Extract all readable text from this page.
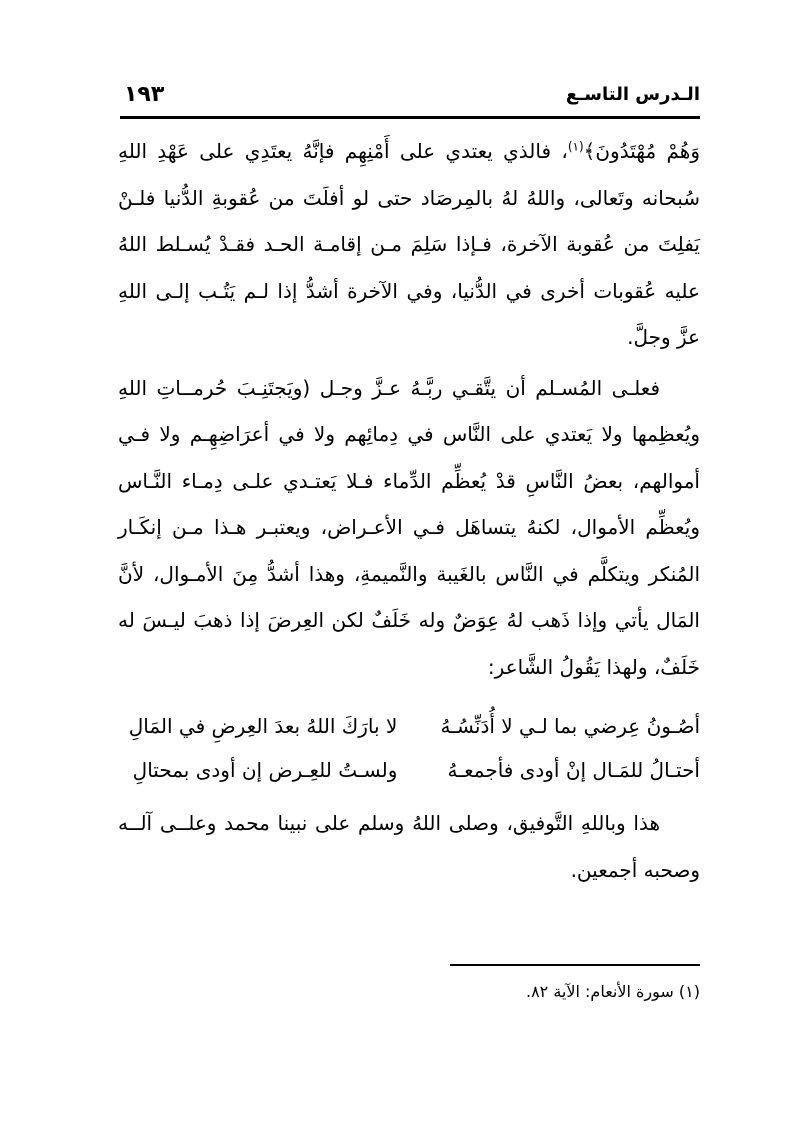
الـدرس التاسـع
١٩٣

وَهُمْ مُهْتَدُونَ﴾$^{(١)}$، فالذي يعتدي على أَمْنِهِم فإنَّهُ يعتَدِي على عَهْدِ اللهِ سُبحانه وتَعالى، واللهُ لهُ بالمِرصَاد حتى لو أفلَتَ من عُقوبةِ الدُّنيا فلـنْ يَفلِتَ من عُقوبة الآخرة، فـإذا سَلِمَ مـن إقامـة الحـد فقـدْ يُسـلط اللهُ عليه عُقوبات أخرى في الدُّنيا، وفي الآخرة أشدُّ إذا لـم يَتُـب إلـى اللهِ عزَّ وجلَّ.

فعلـى المُسـلم أن يتَّقـي ربَّـهُ عـزَّ وجـل (ويَجتَنِـبَ حُرمــاتِ اللهِ ويُعظِمها ولا يَعتدي على النَّاس في دِمائِهم ولا في أعرَاضِهِـم ولا فـي أموالهم، بعضُ النَّاسِ قدْ يُعظِّم الدِّماء فـلا يَعتـدي علـى دِمـاء النَّـاس ويُعظِّم الأموال، لكنهُ يتساهَل فـي الأعـراض، ويعتبـر هـذا مـن إنكَـار المُنكر ويتكلَّم في النَّاس بالغَيبة والنَّميمةِ، وهذا أشدُّ مِنَ الأمـوال، لأنَّ المَال يأتي وإذا ذَهب لهُ عِوَضٌ وله خَلَفٌ لكن العِرضَ إذا ذهبَ ليـسَ له خَلَفٌ، ولهذا يَقُولُ الشَّاعر:

أصُـونُ عِرضي بما لـي لا أُدَنِّسُـهُ
لا بارَكَ اللهُ بعدَ العِرضِ في المَالِ
أحتـالُ للمَـال إنْ أودى فأجمعـهُ
ولسـتُ للعِـرض إن أودى بمحتالِ

هذا وباللهِ التَّوفيق، وصلى اللهُ وسلم على نبينا محمد وعلــى آلــه وصحبه أجمعين.

(١) سورة الأنعام: الآية ٨٢.
